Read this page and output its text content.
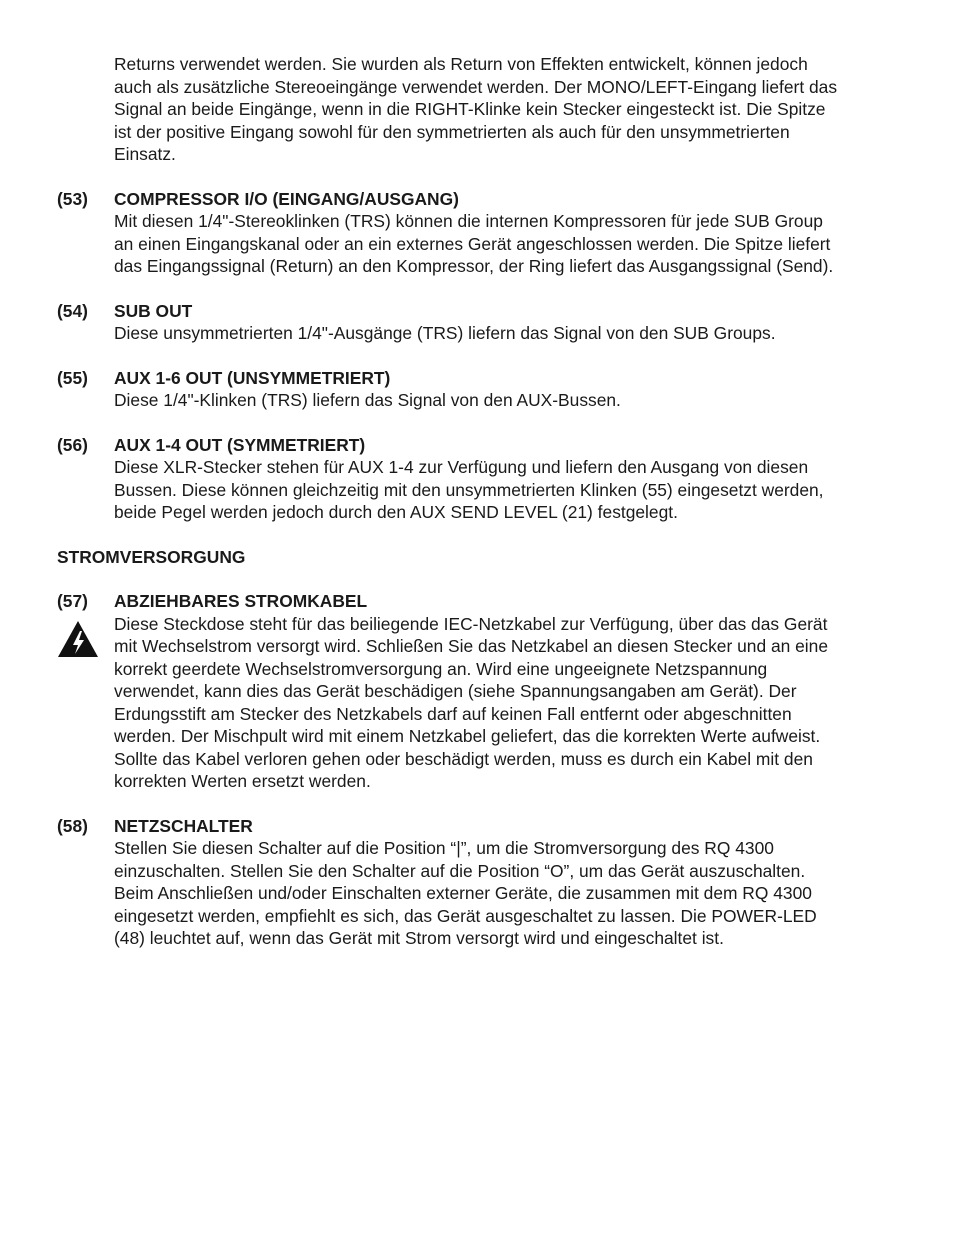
Returns verwendet werden. Sie wurden als Return von Effekten entwickelt, können jedoch
auch als zusätzliche Stereoeingänge verwendet werden. Der MONO/LEFT-Eingang liefert das
Signal an beide Eingänge, wenn in die RIGHT-Klinke kein Stecker eingesteckt ist. Die Spitze
ist der positive Eingang sowohl für den symmetrierten als auch für den unsymmetrierten
Einsatz.
(53)	COMPRESSOR I/O (EINGANG/AUSGANG)
Mit diesen 1/4"-Stereoklinken (TRS) können die internen Kompressoren für jede SUB Group
an einen Eingangskanal oder an ein externes Gerät angeschlossen werden. Die Spitze liefert
das Eingangssignal (Return) an den Kompressor, der Ring liefert das Ausgangssignal (Send).
(54)	SUB OUT
Diese unsymmetrierten 1/4"-Ausgänge (TRS) liefern das Signal von den SUB Groups.
(55)	AUX 1-6 OUT (UNSYMMETRIERT)
Diese 1/4"-Klinken (TRS) liefern das Signal von den AUX-Bussen.
(56)	AUX 1-4 OUT (SYMMETRIERT)
Diese XLR-Stecker stehen für AUX 1-4 zur Verfügung und liefern den Ausgang von diesen
Bussen. Diese können gleichzeitig mit den unsymmetrierten Klinken (55) eingesetzt werden,
beide Pegel werden jedoch durch den AUX SEND LEVEL (21) festgelegt.
STROMVERSORGUNG
(57)	ABZIEHBARES STROMKABEL
Diese Steckdose steht für das beiliegende IEC-Netzkabel zur Verfügung, über das das Gerät
mit Wechselstrom versorgt wird. Schließen Sie das Netzkabel an diesen Stecker und an eine
korrekt geerdete Wechselstromversorgung an. Wird eine ungeeignete Netzspannung
verwendet, kann dies das Gerät beschädigen (siehe Spannungsangaben am Gerät). Der
Erdungsstift am Stecker des Netzkabels darf auf keinen Fall entfernt oder abgeschnitten
werden. Der Mischpult wird mit einem Netzkabel geliefert, das die korrekten Werte aufweist.
Sollte das Kabel verloren gehen oder beschädigt werden, muss es durch ein Kabel mit den
korrekten Werten ersetzt werden.
(58)	NETZSCHALTER
Stellen Sie diesen Schalter auf die Position “|”, um die Stromversorgung des RQ 4300
einzuschalten. Stellen Sie den Schalter auf die Position “O”, um das Gerät auszuschalten.
Beim Anschließen und/oder Einschalten externer Geräte, die zusammen mit dem RQ 4300
eingesetzt werden, empfiehlt es sich, das Gerät ausgeschaltet zu lassen. Die POWER-LED
(48) leuchtet auf, wenn das Gerät mit Strom versorgt wird und eingeschaltet ist.
